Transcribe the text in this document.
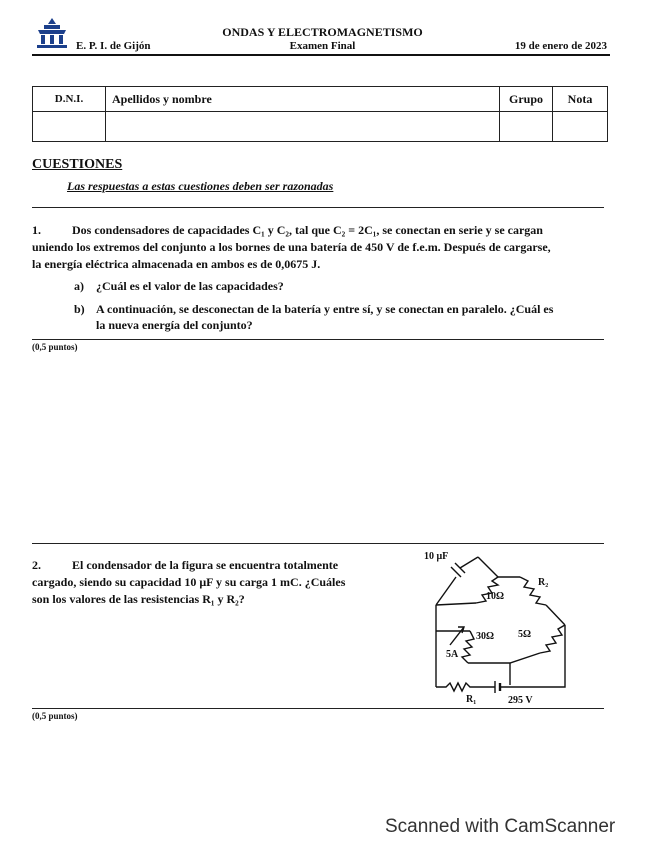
E. P. I. de Gijón
ONDAS Y ELECTROMAGNETISMO
Examen Final	19 de enero de 2023
D.N.I.	Apellidos y nombre	Grupo	Nota

CUESTIONES
Las respuestas a estas cuestiones deben ser razonadas
1.	Dos condensadores de capacidades C₁ y C₂, tal que C₂ = 2C₁, se conectan en serie y se cargan
uniendo los extremos del conjunto a los bornes de una batería de 450 V de f.e.m. Después de cargarse,
la energía eléctrica almacenada en ambos es de 0,0675 J.
a) ¿Cuál es el valor de las capacidades?
b) A continuación, se desconectan de la batería y entre sí, y se conectan en paralelo. ¿Cuál es
la nueva energía del conjunto?
(0,5 puntos)
2.	El condensador de la figura se encuentra totalmente
cargado, siendo su capacidad 10 μF y su carga 1 mC. ¿Cuáles
son los valores de las resistencias R₁ y R₂?
10 μF
10Ω
R₂
30Ω 5Ω
5A
R₁	295 V
(0,5 puntos)
Scanned with CamScanner
